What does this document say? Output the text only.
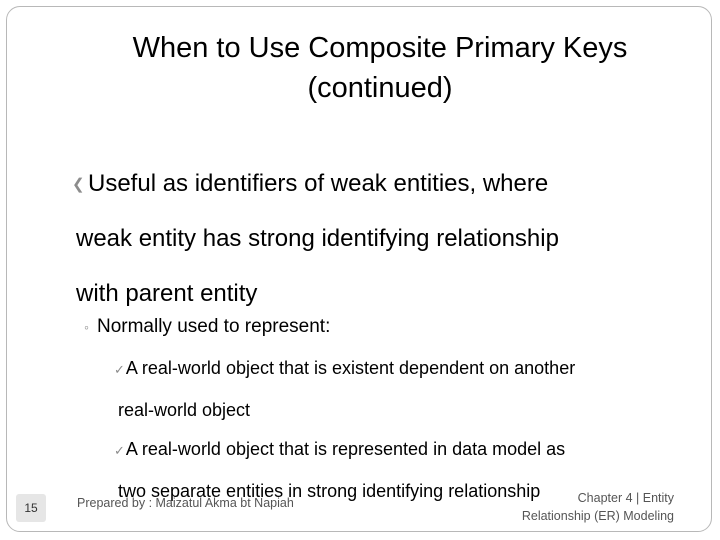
When to Use Composite Primary Keys
(continued)
❮ Useful as identifiers of weak entities, where
weak entity has strong identifying relationship
with parent entity
◦ Normally used to represent:
✓A real-world object that is existent dependent on another
real-world object
✓A real-world object that is represented in data model as
two separate entities in strong identifying relationship
15	Prepared by : Maizatul Akma bt Napiah	Chapter 4 | Entity
Relationship (ER) Modeling
